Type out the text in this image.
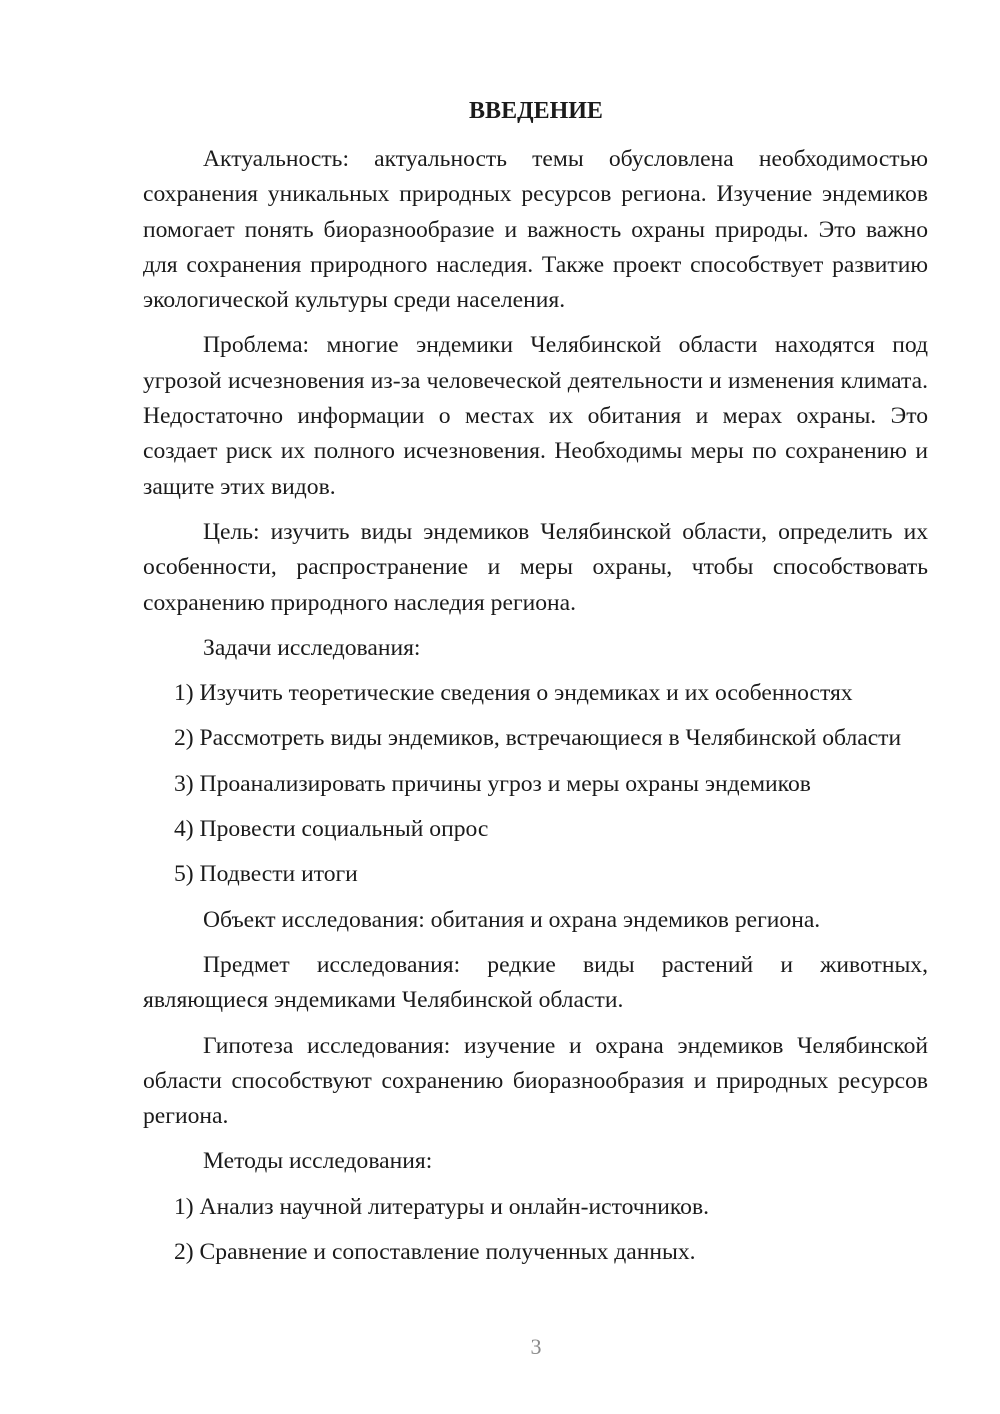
ВВЕДЕНИЕ

Актуальность: актуальность темы обусловлена необходимостью сохранения уникальных природных ресурсов региона. Изучение эндемиков помогает понять биоразнообразие и важность охраны природы. Это важно для сохранения природного наследия. Также проект способствует развитию экологической культуры среди населения.

Проблема: многие эндемики Челябинской области находятся под угрозой исчезновения из-за человеческой деятельности и изменения климата. Недостаточно информации о местах их обитания и мерах охраны. Это создает риск их полного исчезновения. Необходимы меры по сохранению и защите этих видов.

Цель: изучить виды эндемиков Челябинской области, определить их особенности, распространение и меры охраны, чтобы способствовать сохранению природного наследия региона.

Задачи исследования:

1) Изучить теоретические сведения о эндемиках и их особенностях

2) Рассмотреть виды эндемиков, встречающиеся в Челябинской области

3) Проанализировать причины угроз и меры охраны эндемиков

4) Провести социальный опрос

5) Подвести итоги

Объект исследования: обитания и охрана эндемиков региона.

Предмет исследования: редкие виды растений и животных, являющиеся эндемиками Челябинской области.

Гипотеза исследования: изучение и охрана эндемиков Челябинской области способствуют сохранению биоразнообразия и природных ресурсов региона.

Методы исследования:

1) Анализ научной литературы и онлайн-источников.

2) Сравнение и сопоставление полученных данных.

3
